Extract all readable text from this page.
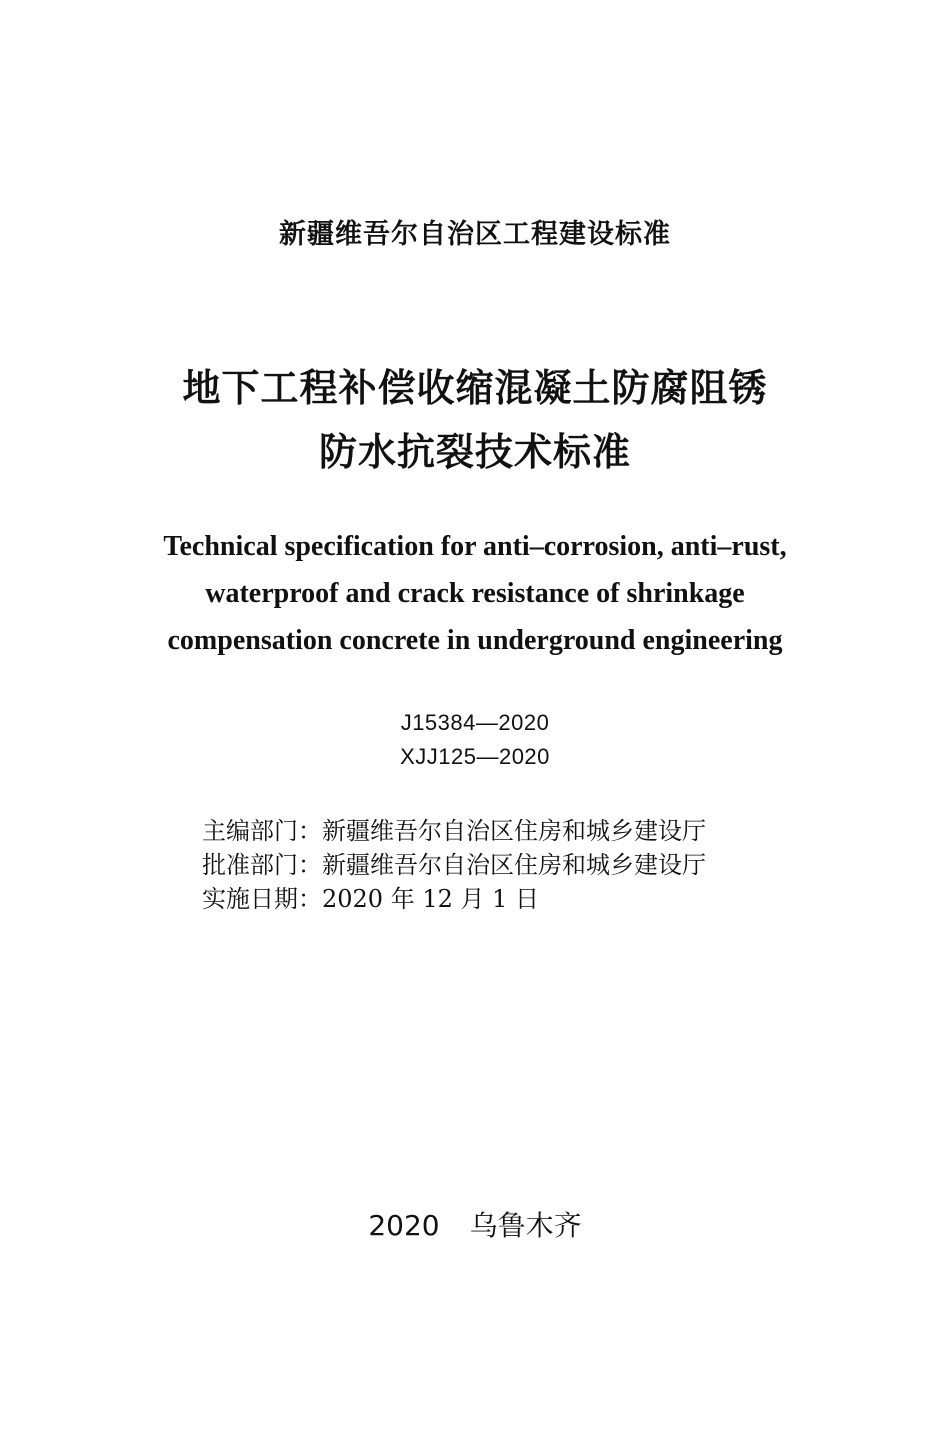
新疆维吾尔自治区工程建设标准
地下工程补偿收缩混凝土防腐阻锈
防水抗裂技术标准
Technical specification for anti–corrosion, anti–rust,
waterproof and crack resistance of shrinkage
compensation concrete in underground engineering
J15384—2020
XJJ125—2020
主编部门：新疆维吾尔自治区住房和城乡建设厅
批准部门：新疆维吾尔自治区住房和城乡建设厅
实施日期：2020 年 12 月 1 日
2020 乌鲁木齐
